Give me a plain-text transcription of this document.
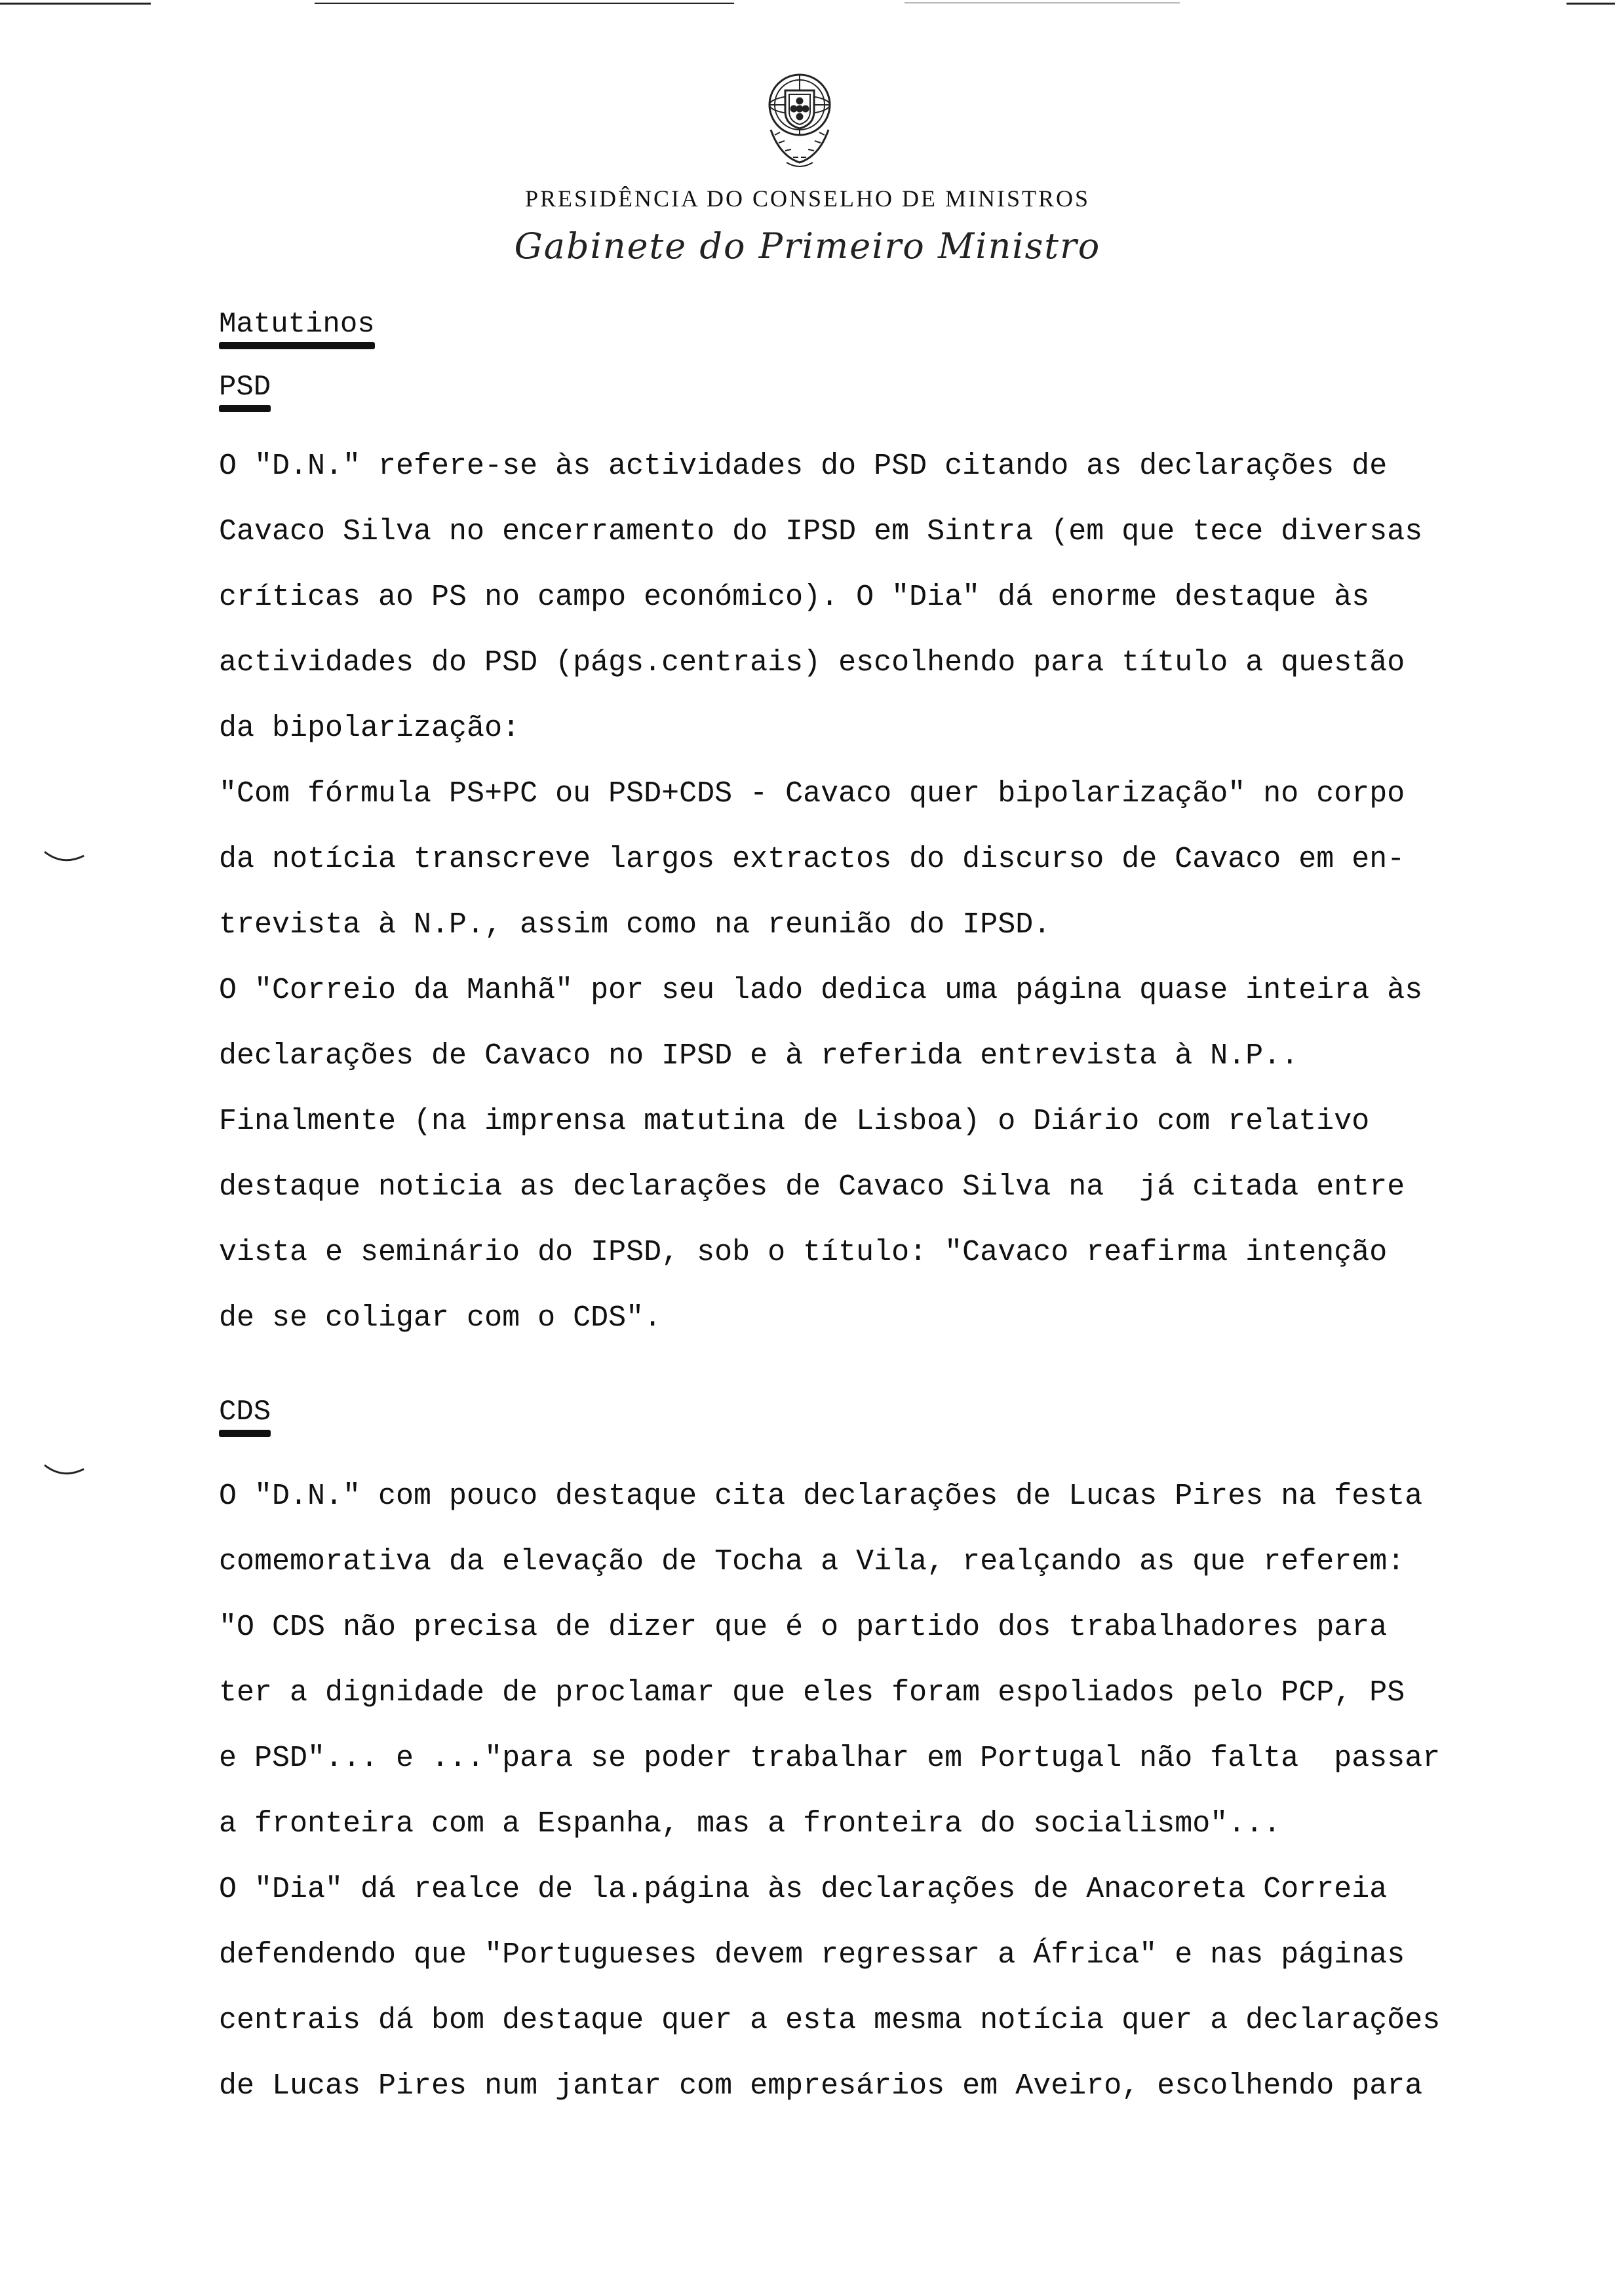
PRESIDÊNCIA DO CONSELHO DE MINISTROS
Gabinete do Primeiro Ministro
Matutinos
PSD
O "D.N." refere-se às actividades do PSD citando as declarações de
Cavaco Silva no encerramento do IPSD em Sintra (em que tece diversas
críticas ao PS no campo económico). O "Dia" dá enorme destaque às
actividades do PSD (págs.centrais) escolhendo para título a questão
da bipolarização:
"Com fórmula PS+PC ou PSD+CDS - Cavaco quer bipolarização" no corpo
da notícia transcreve largos extractos do discurso de Cavaco em en-
trevista à N.P., assim como na reunião do IPSD.
O "Correio da Manhã" por seu lado dedica uma página quase inteira às
declarações de Cavaco no IPSD e à referida entrevista à N.P..
Finalmente (na imprensa matutina de Lisboa) o Diário com relativo
destaque noticia as declarações de Cavaco Silva na  já citada entre
vista e seminário do IPSD, sob o título: "Cavaco reafirma intenção
de se coligar com o CDS".
CDS
O "D.N." com pouco destaque cita declarações de Lucas Pires na festa
comemorativa da elevação de Tocha a Vila, realçando as que referem:
"O CDS não precisa de dizer que é o partido dos trabalhadores para
ter a dignidade de proclamar que eles foram espoliados pelo PCP, PS
e PSD"... e ..."para se poder trabalhar em Portugal não falta  passar
a fronteira com a Espanha, mas a fronteira do socialismo"...
O "Dia" dá realce de la.página às declarações de Anacoreta Correia
defendendo que "Portugueses devem regressar a África" e nas páginas
centrais dá bom destaque quer a esta mesma notícia quer a declarações
de Lucas Pires num jantar com empresários em Aveiro, escolhendo para
